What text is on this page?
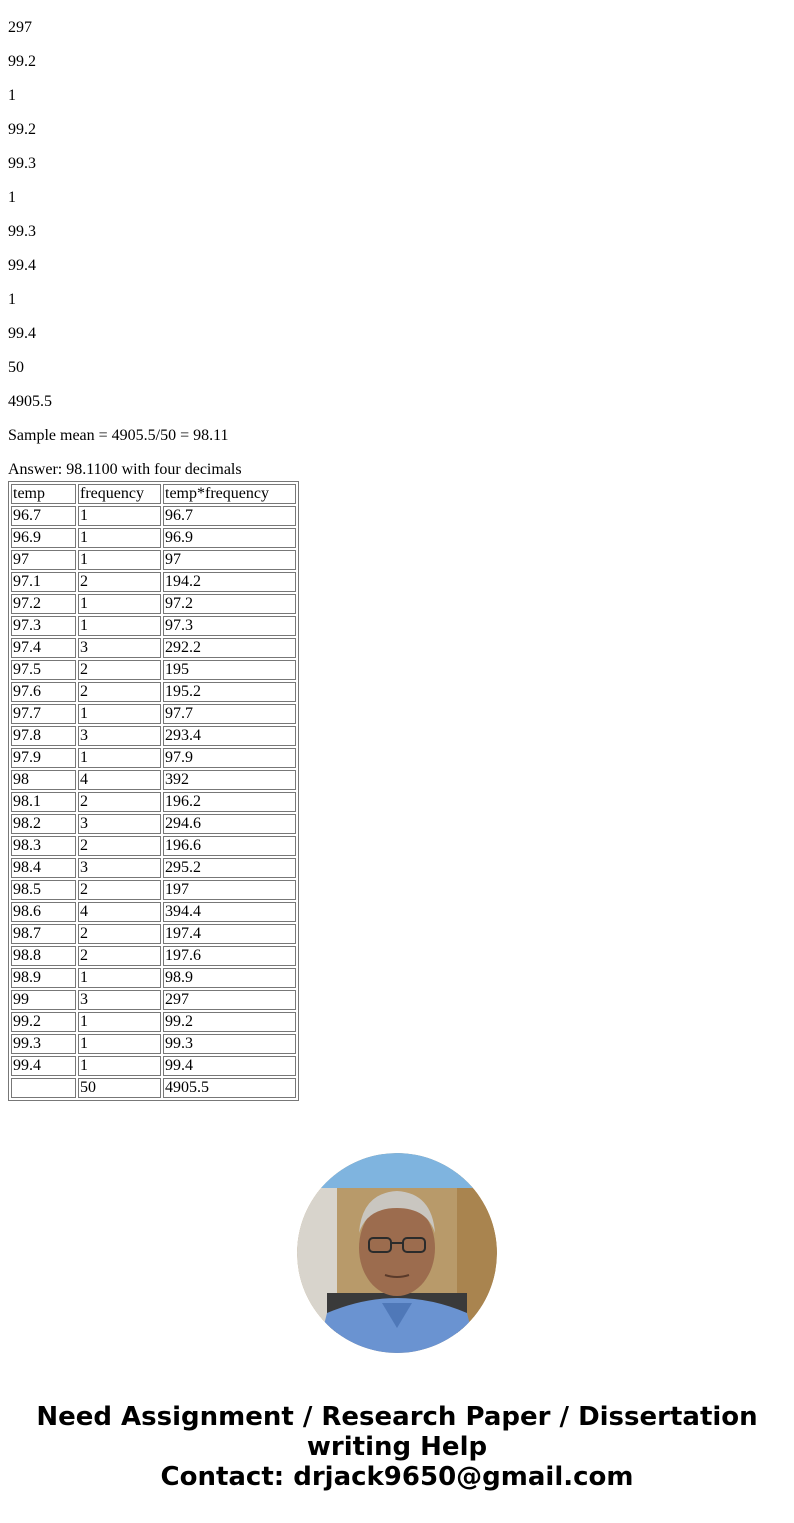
297

99.2

1

99.2

99.3

1

99.3

99.4

1

99.4

50

4905.5

Sample mean = 4905.5/50 = 98.11

Answer: 98.1100 with four decimals

temp	frequency	temp*frequency
96.7	1	96.7
96.9	1	96.9
97	1	97
97.1	2	194.2
97.2	1	97.2
97.3	1	97.3
97.4	3	292.2
97.5	2	195
97.6	2	195.2
97.7	1	97.7
97.8	3	293.4
97.9	1	97.9
98	4	392
98.1	2	196.2
98.2	3	294.6
98.3	2	196.6
98.4	3	295.2
98.5	2	197
98.6	4	394.4
98.7	2	197.4
98.8	2	197.6
98.9	1	98.9
99	3	297
99.2	1	99.2
99.3	1	99.3
99.4	1	99.4
	50	4905.5
Need Assignment / Research Paper / Dissertation
writing Help
Contact: drjack9650@gmail.com
